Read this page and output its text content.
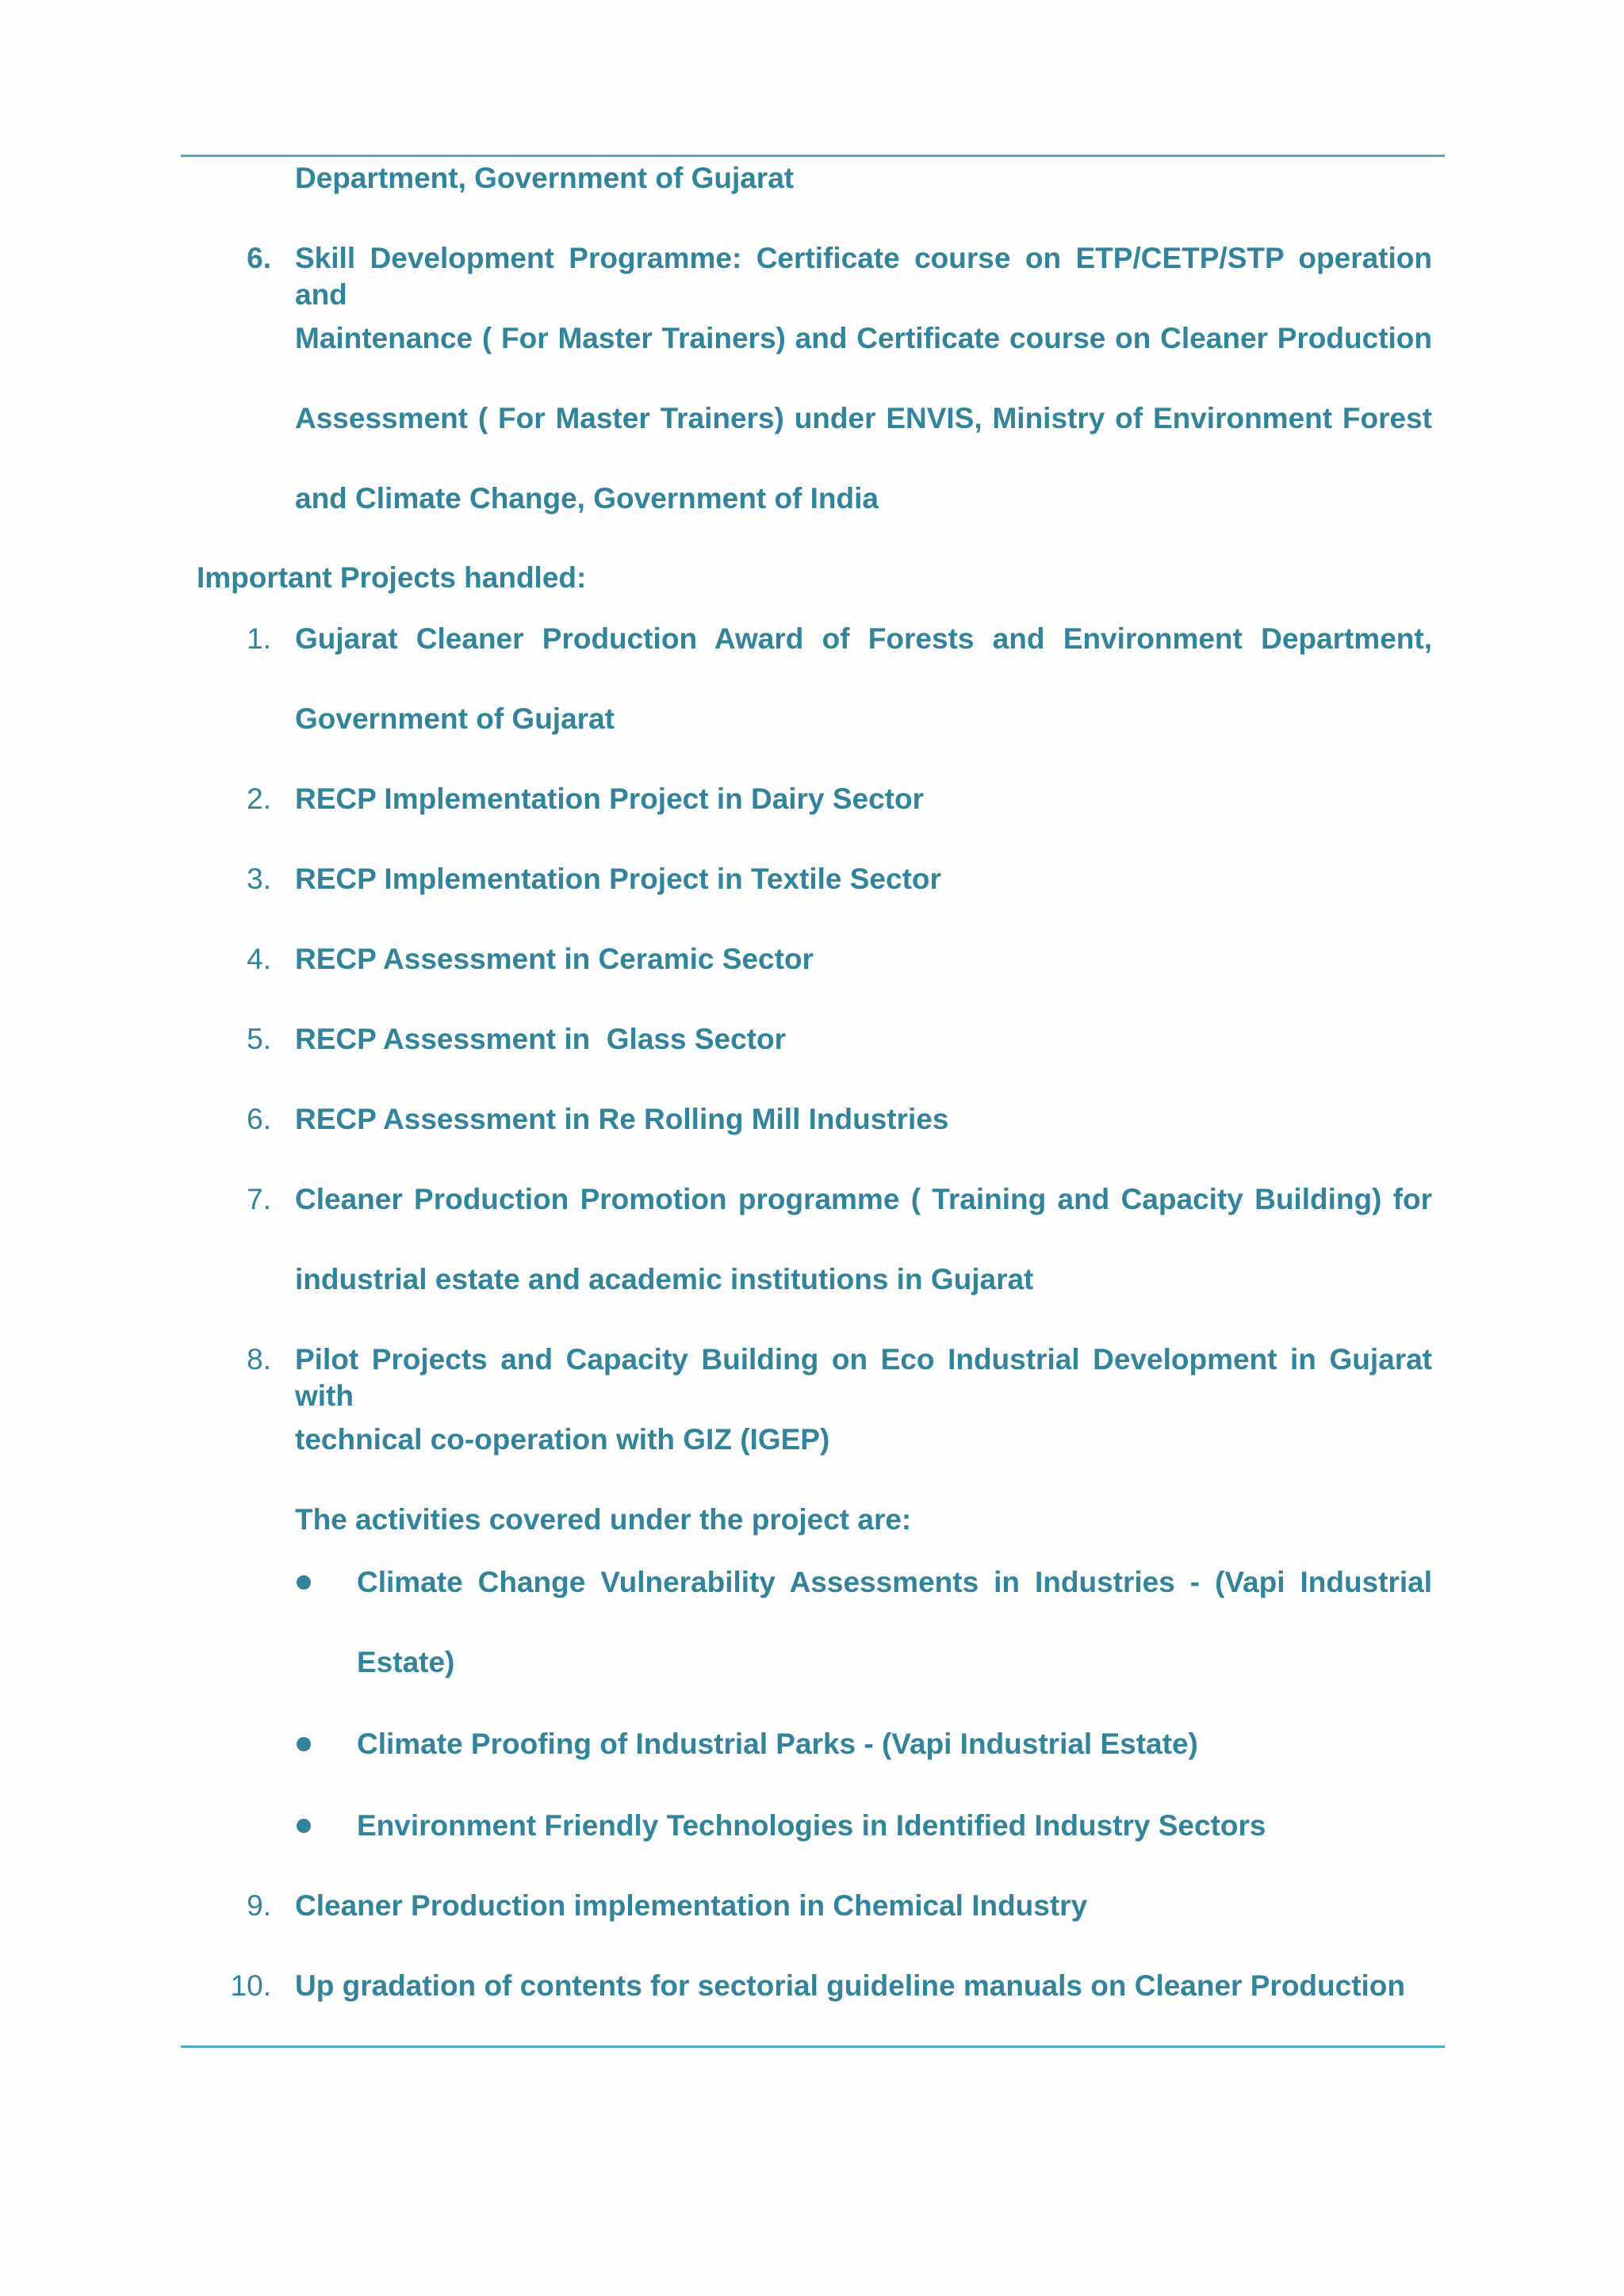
Department, Government of Gujarat
6. Skill Development Programme: Certificate course on ETP/CETP/STP operation and
Maintenance ( For Master Trainers) and Certificate course on Cleaner Production
Assessment ( For Master Trainers) under ENVIS, Ministry of Environment Forest
and Climate Change, Government of India
Important Projects handled:
1. Gujarat Cleaner Production Award of Forests and Environment Department,
Government of Gujarat
2. RECP Implementation Project in Dairy Sector
3. RECP Implementation Project in Textile Sector
4. RECP Assessment in Ceramic Sector
5. RECP Assessment in  Glass Sector
6. RECP Assessment in Re Rolling Mill Industries
7. Cleaner Production Promotion programme ( Training and Capacity Building) for
industrial estate and academic institutions in Gujarat
8. Pilot Projects and Capacity Building on Eco Industrial Development in Gujarat with
technical co-operation with GIZ (IGEP)
The activities covered under the project are:
Climate Change Vulnerability Assessments in Industries - (Vapi Industrial
Estate)
Climate Proofing of Industrial Parks - (Vapi Industrial Estate)
Environment Friendly Technologies in Identified Industry Sectors
9. Cleaner Production implementation in Chemical Industry
10. Up gradation of contents for sectorial guideline manuals on Cleaner Production
